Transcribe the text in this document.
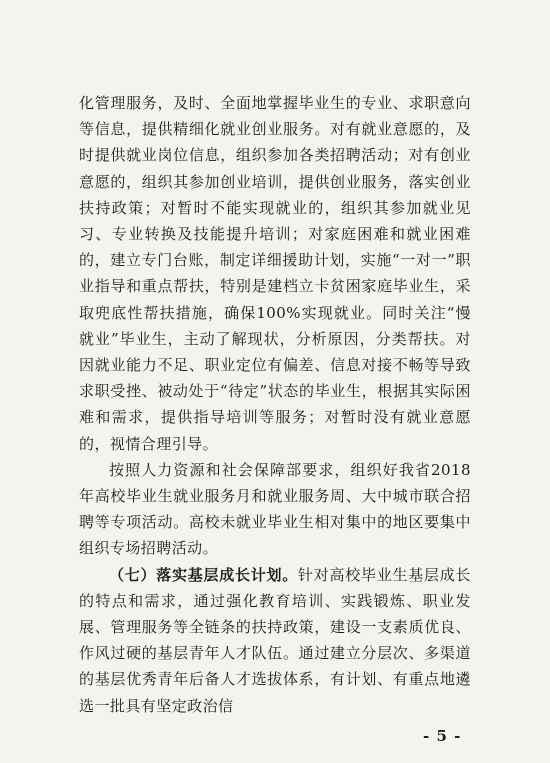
化管理服务，及时、全面地掌握毕业生的专业、求职意向等信息，提供精细化就业创业服务。对有就业意愿的，及时提供就业岗位信息，组织参加各类招聘活动；对有创业意愿的，组织其参加创业培训，提供创业服务，落实创业扶持政策；对暂时不能实现就业的，组织其参加就业见习、专业转换及技能提升培训；对家庭困难和就业困难的，建立专门台账，制定详细援助计划，实施“一对一”职业指导和重点帮扶，特别是建档立卡贫困家庭毕业生，采取兜底性帮扶措施，确保100%实现就业。同时关注“慢就业”毕业生，主动了解现状，分析原因，分类帮扶。对因就业能力不足、职业定位有偏差、信息对接不畅等导致求职受挫、被动处于“待定”状态的毕业生，根据其实际困难和需求，提供指导培训等服务；对暂时没有就业意愿的，视情合理引导。

按照人力资源和社会保障部要求，组织好我省2018年高校毕业生就业服务月和就业服务周、大中城市联合招聘等专项活动。高校未就业毕业生相对集中的地区要集中组织专场招聘活动。

（七）落实基层成长计划。针对高校毕业生基层成长的特点和需求，通过强化教育培训、实践锻炼、职业发展、管理服务等全链条的扶持政策，建设一支素质优良、作风过硬的基层青年人才队伍。通过建立分层次、多渠道的基层优秀青年后备人才选拔体系，有计划、有重点地遴选一批具有坚定政治信

- 5 -
